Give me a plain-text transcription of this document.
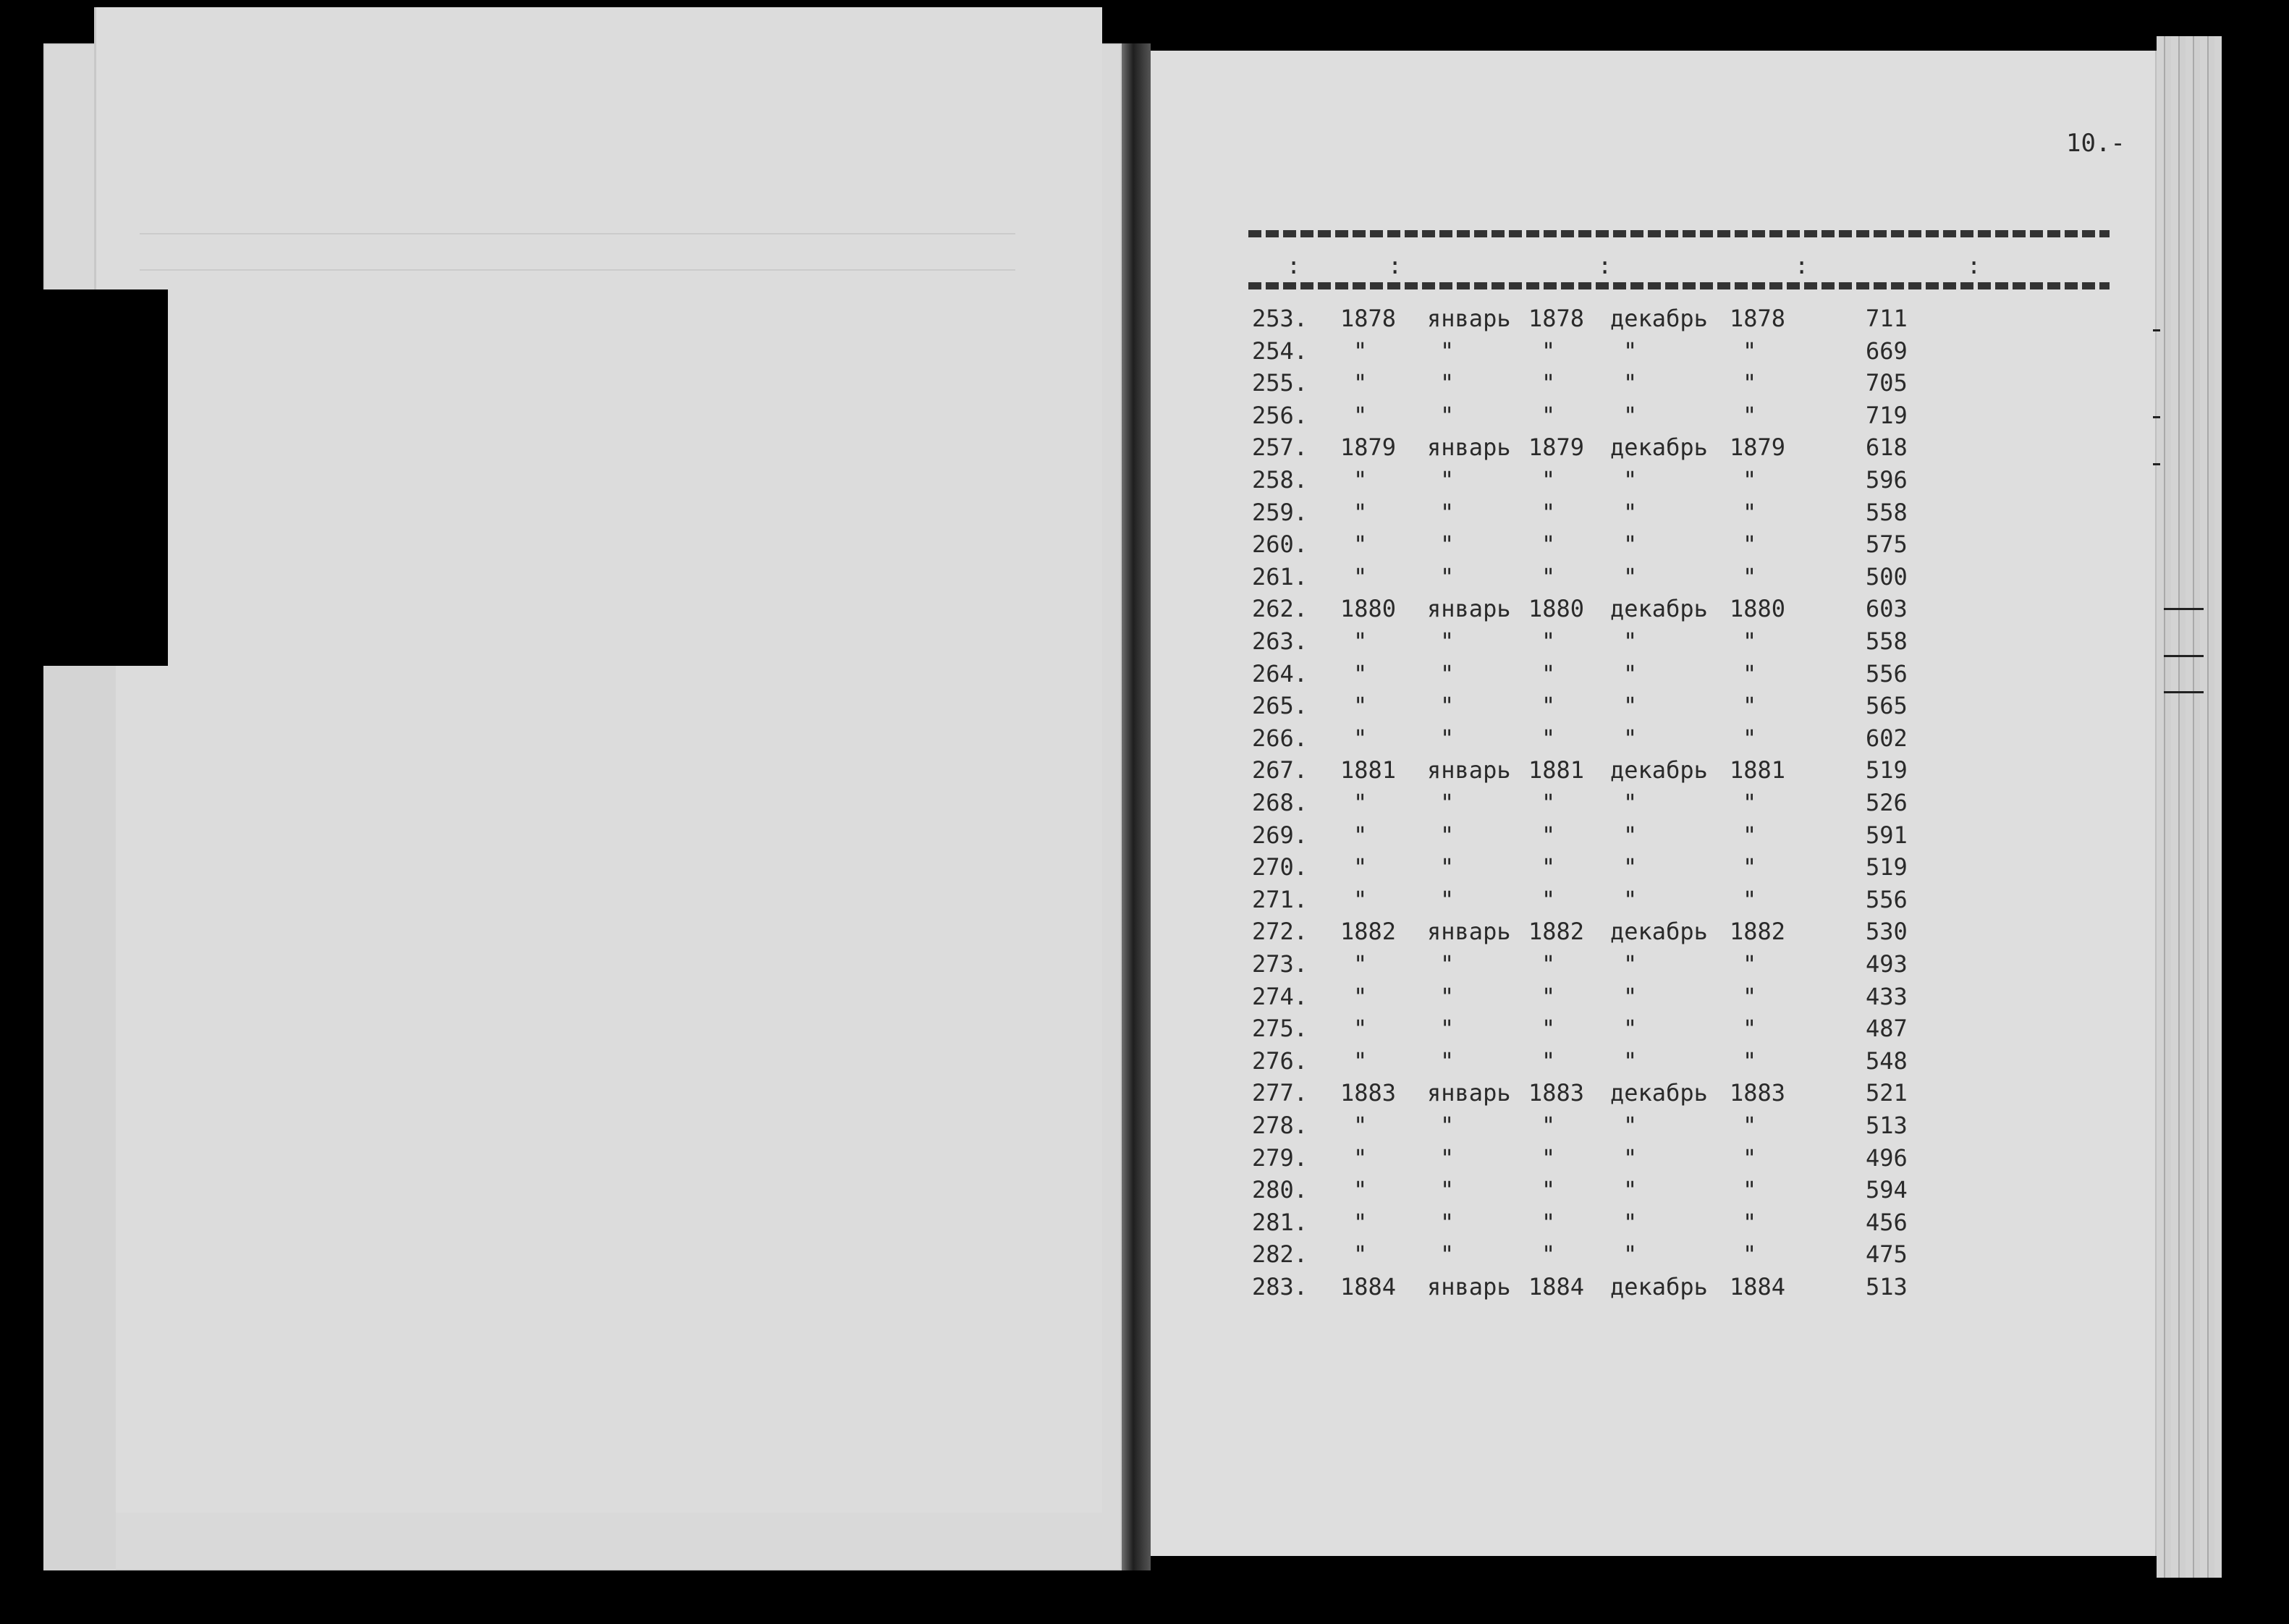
10.-
:	:	:	:	:
253. 1878 январь 1878 декабрь 1878	711
254. "	"	"	"	"	669
255. "	"	"	"	"	705
256. "	"	"	"	"	719
257. 1879 январь 1879 декабрь 1879	618
258. "	"	"	"	"	596
259. "	"	"	"	"	558
260. "	"	"	"	"	575
261. "	"	"	"	"	500
262. 1880 январь 1880 декабрь 1880	603
263. "	"	"	"	"	558
264. "	"	"	"	"	556
265. "	"	"	"	"	565
266. "	"	"	"	"	602
267. 1881 январь 1881 декабрь 1881	519
268. "	"	"	"	"	526
269. "	"	"	"	"	591
270. "	"	"	"	"	519
271. "	"	"	"	"	556
272. 1882 январь 1882 декабрь 1882	530
273. "	"	"	"	"	493
274. "	"	"	"	"	433
275. "	"	"	"	"	487
276. "	"	"	"	"	548
277. 1883 январь 1883 декабрь 1883	521
278. "	"	"	"	"	513
279. "	"	"	"	"	496
280. "	"	"	"	"	594
281. "	"	"	"	"	456
282. "	"	"	"	"	475
283. 1884 январь 1884 декабрь 1884	513
